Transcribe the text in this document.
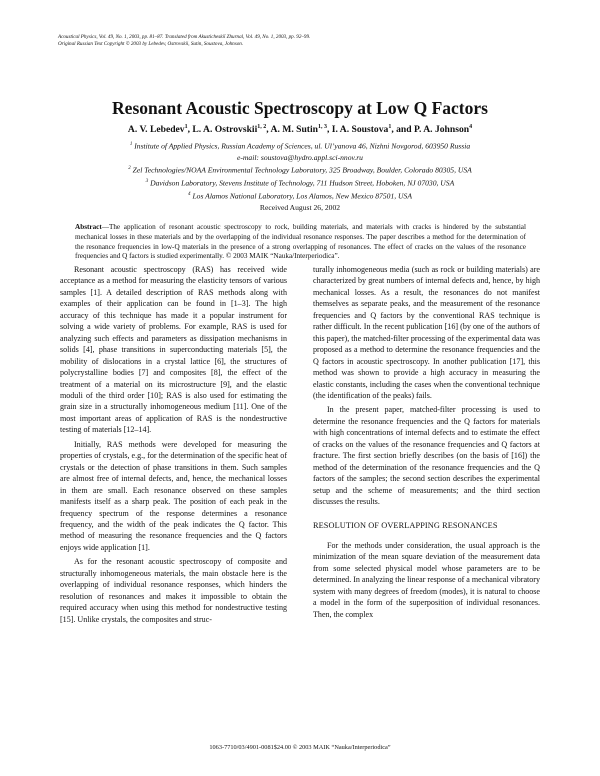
Acoustical Physics, Vol. 49, No. 1, 2003, pp. 81–87. Translated from Akusticheskiĭ Zhurnal, Vol. 49, No. 1, 2003, pp. 92–99.
Original Russian Text Copyright © 2003 by Lebedev, Ostrovskii, Sutin, Soustova, Johnson.
Resonant Acoustic Spectroscopy at Low Q Factors
A. V. Lebedev$^1$, L. A. Ostrovskii$^{1, 2}$, A. M. Sutin$^{1, 3}$, I. A. Soustova$^1$, and P. A. Johnson$^4$

$^1$ Institute of Applied Physics, Russian Academy of Sciences, ul. Ul’yanova 46, Nizhni Novgorod, 603950 Russia

e-mail: soustova@hydro.appl.sci-nnov.ru

$^2$ Zel Technologies/NOAA Environmental Technology Laboratory, 325 Broadway, Boulder, Colorado 80305, USA

$^3$ Davidson Laboratory, Stevens Institute of Technology, 711 Hudson Street, Hoboken, NJ 07030, USA

$^4$ Los Alamos National Laboratory, Los Alamos, New Mexico 87501, USA

Received August 26, 2002

Abstract—The application of resonant acoustic spectroscopy to rock, building materials, and materials with cracks is hindered by the substantial mechanical losses in these materials and by the overlapping of the individual resonance responses. The paper describes a method for the determination of the resonance frequencies in low-Q materials in the presence of a strong overlapping of resonances. The effect of cracks on the values of the resonance frequencies and Q factors is studied experimentally. © 2003 MAIK “Nauka/Interperiodica”.

Resonant acoustic spectroscopy (RAS) has received wide acceptance as a method for measuring the elasticity tensors of various samples [1]. A detailed description of RAS methods along with examples of their application can be found in [1–3]. The high accuracy of this technique has made it a popular instrument for solving a wide variety of problems. For example, RAS is used for analyzing such effects and parameters as dissipation mechanisms in solids [4], phase transitions in superconducting materials [5], the mobility of dislocations in a crystal lattice [6], the structures of polycrystalline bodies [7] and composites [8], the effect of the treatment of a material on its microstructure [9], and the elastic moduli of the third order [10]; RAS is also used for estimating the grain size in a structurally inhomogeneous medium [11]. One of the most important areas of application of RAS is the nondestructive testing of materials [12–14].

Initially, RAS methods were developed for measuring the properties of crystals, e.g., for the determination of the specific heat of crystals or the detection of phase transitions in them. Such samples are almost free of internal defects, and, hence, the mechanical losses in them are small. Each resonance observed on these samples manifests itself as a sharp peak. The position of each peak in the frequency spectrum of the response determines a resonance frequency, and the width of the peak indicates the Q factor. This method of measuring the resonance frequencies and the Q factors enjoys wide application [1].

As for the resonant acoustic spectroscopy of composite and structurally inhomogeneous materials, the main obstacle here is the overlapping of individual resonance responses, which hinders the resolution of resonances and makes it impossible to obtain the required accuracy when using this method for nondestructive testing [15]. Unlike crystals, the composites and struc-

turally inhomogeneous media (such as rock or building materials) are characterized by great numbers of internal defects and, hence, by high mechanical losses. As a result, the resonances do not manifest themselves as separate peaks, and the measurement of the resonance frequencies and Q factors by the conventional RAS technique is rather difficult. In the recent publication [16] (by one of the authors of this paper), the matched-filter processing of the experimental data was proposed as a method to determine the resonance frequencies and the Q factors in acoustic spectroscopy. In another publication [17], this method was shown to provide a high accuracy in measuring the elastic constants, including the cases when the conventional technique (the identification of the peaks) fails.

In the present paper, matched-filter processing is used to determine the resonance frequencies and the Q factors for materials with high concentrations of internal defects and to estimate the effect of cracks on the values of the resonance frequencies and Q factors at fracture. The first section briefly describes (on the basis of [16]) the method of the determination of the resonance frequencies and the Q factors of the samples; the second section describes the experimental setup and the scheme of measurements; and the third section discusses the results.

RESOLUTION OF OVERLAPPING RESONANCES

For the methods under consideration, the usual approach is the minimization of the mean square deviation of the measurement data from some selected physical model whose parameters are to be determined. In analyzing the linear response of a mechanical vibratory system with many degrees of freedom (modes), it is natural to choose a model in the form of the superposition of individual resonances. Then, the complex

1063-7710/03/4901-0081$24.00 © 2003 MAIK “Nauka/Interperiodica”
